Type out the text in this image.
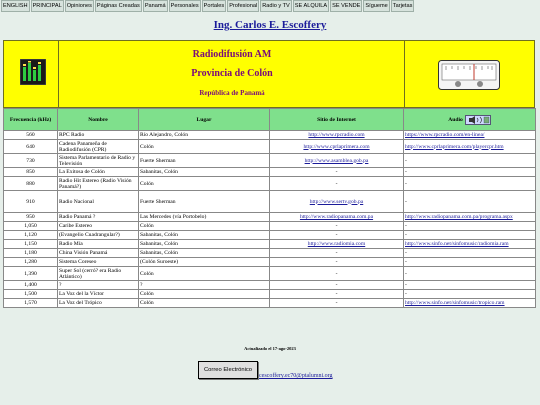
ENGLISH PRINCIPAL Opiniones Páginas Creadas Panamá Personales Portales Profesional Radio y TV SE ALQUILA SE VENDE Sígueme Tarjetas
Ing. Carlos E. Escoffery
Radiodifusión AM
Provincia de Colón
República de Panamá
Frecuencia (kHz)	Nombre	Lugar	Sitio de Internet	Audio

560	RPC Radio	Río Alejandro, Colón	http://www.rpcradio.com	https://www.rpcradio.com/en-linea/
640	Cadena Panameña de Radiodifusión (CPR)	Colón	http://www.cprlaprimera.com	http://www.cprlaprimera.com/playercpr.htm
730	Sistema Parlamentario de Radio y Televisión	Fuerte Sherman	http://www.asamblea.gob.pa	-
850	La Exitosa de Colón	Sabanitas, Colón	-	-
880	Radio Hit Estereo (Radio Visión Panamá?)	Colón	-	-
910	Radio Nacional	Fuerte Sherman	http://www.sertv.gob.pa	-
950	Radio Panamá ?	Las Mercedes (vía Portobelo)	http://www.radiopanama.com.pa	http://www.radiopanama.com.pa/programa.aspx
1,050	Caribe Estereo	Colón	-	-
1,120	(Evangelio Cuadrangular?)	Sabanitas, Colón	-	-
1,150	Radio Mía	Sabanitas, Colón	http://www.radiomia.com	http://www.sinfo.net/sinfomusic/radiomia.ram
1,180	China Visión Panamá	Sabanitas, Colón	-	-
1,280	Sistema Coreseo	(Colón Suroeste)	-	-
1,390	Super Sol (cerró? era Radio Atlántico)	Colón	-	-
1,400	?	?	-	-
1,500	La Voz del la Víctor	Colón	-	-
1,570	La Voz del Trópico	Colón	-	http://www.sinfo.net/sinfomusic/tropico.ram
Actualizado el 17-ago-2023
Correo Electrónico
cescoffery.ec70@ptalumni.org
